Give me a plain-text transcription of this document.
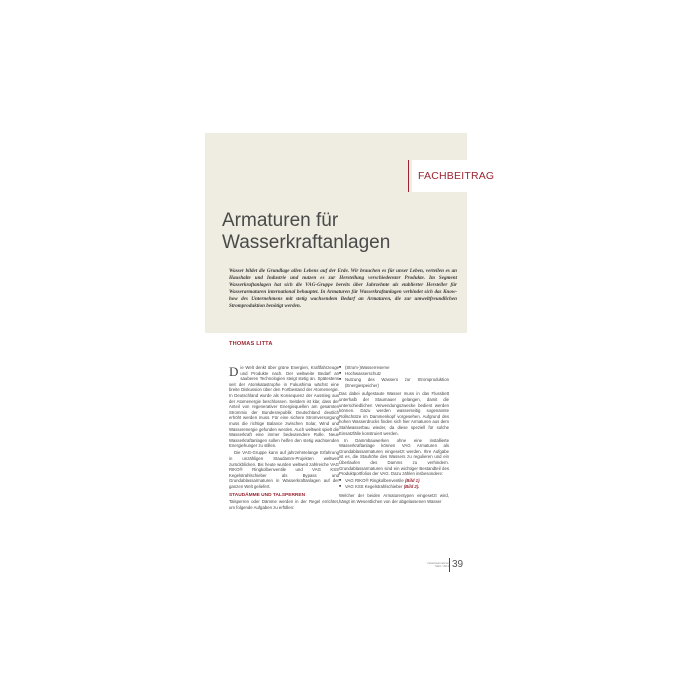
FACHBEITRAG
Armaturen für Wasserkraftanlagen

Wasser bildet die Grundlage allen Lebens auf der Erde. Wir brauchen es für unser Leben, verteilen es an Haushalte und Industrie und nutzen es zur Herstellung verschiedenster Produkte. Im Segment Wasserkraftanlagen hat sich die VAG-Gruppe bereits über Jahrzehnte als etablierter Hersteller für Wasserarmaturen international behauptet. In Armaturen für Wasserkraftanlagen verbindet sich das Know-how des Unternehmens mit stetig wachsendem Bedarf an Armaturen, die zur umweltfreundlichen Stromproduktion benötigt werden.

THOMAS LITTA

Die Welt denkt über grüne Energien, Kraftfahrzeuge und Produkte nach. Der weltweite Bedarf an sauberen Technologien steigt stetig an. Spätestens seit der Atomkatastrophe in Fukushima wächst eine breite Diskussion über den Fortbestand der Atomenergie. In Deutschland wurde als Konsequenz der Ausstieg aus der Atomenergie beschlossen. Seitdem ist klar, dass der Anteil von regenerativer Energiequellen am gesamten Strommix der Bundesrepublik Deutschland deutlich erhöht werden muss. Für eine sichere Stromversorgung muss die richtige Balance zwischen Solar, Wind und Wasserenergie gefunden werden. Auch weltweit spielt die Wasserkraft eine immer bedeutendere Rolle. Neue Wasserkraftanlagen sollen helfen den stetig wachsenden Energiehunger zu stillen.

Die VAG-Gruppe kann auf jahrzehntelange Erfahrung in unzähligen Staudamm-Projekten weltweit zurückblicken. Bis heute wurden weltweit zahlreiche VAG RIKO® Ringkolbenventile und VAG KSS Kegelstrahlschieber als Bypass und Grundablassarmaturen in Wasserkraftanlagen auf der ganzen Welt geliefert.

STAUDÄMME UND TALSPERREN

Talsperren oder Dämme werden in der Regel errichtet, um folgende Aufgaben zu erfüllen:

■ (Strom-)Wasserreserve
■ Hochwasserschutz
■ Nutzung des Wassers zur Stromproduktion (Energiespeicher)

Das dabei aufgestaute Wasser muss in das Flussbett unterhalb der Staumauer gelangen, damit die unterschiedlichen Verwendungszwecke bedient werden können. Dazu werden wasserseitig sogenannte Rollschütze im Dammenkopf vorgesehen. Aufgrund des hohen Wasserdrucks finden sich hier Armaturen aus dem Stahlwasserbau wieder, da diese speziell für solche Einsatzfälle konstruiert werden.

In Dammbauwerken ohne eine installierte Wasserkraftanlage können VAG Armaturen als Grundablassarmaturen eingesetzt werden. Ihre Aufgabe ist es, die Stauhöhe des Wassers zu regulieren und ein Überlaufen des Damms zu verhindern. Grundablassarmaturen sind ein wichtiger Bestandteil des Produktportfolios der VAG. Dazu zählen insbesondere:

■ VAG RIKO® Ringkolbenventile (Bild 1)
■ VAG KSS Kegelstrahlschieber (Bild 2).

Welcher der beiden Armaturentypen eingesetzt wird, hängt im Wesentlichen von der abgelassenen Wasser

Industriearmaturen
März / 2013 39
